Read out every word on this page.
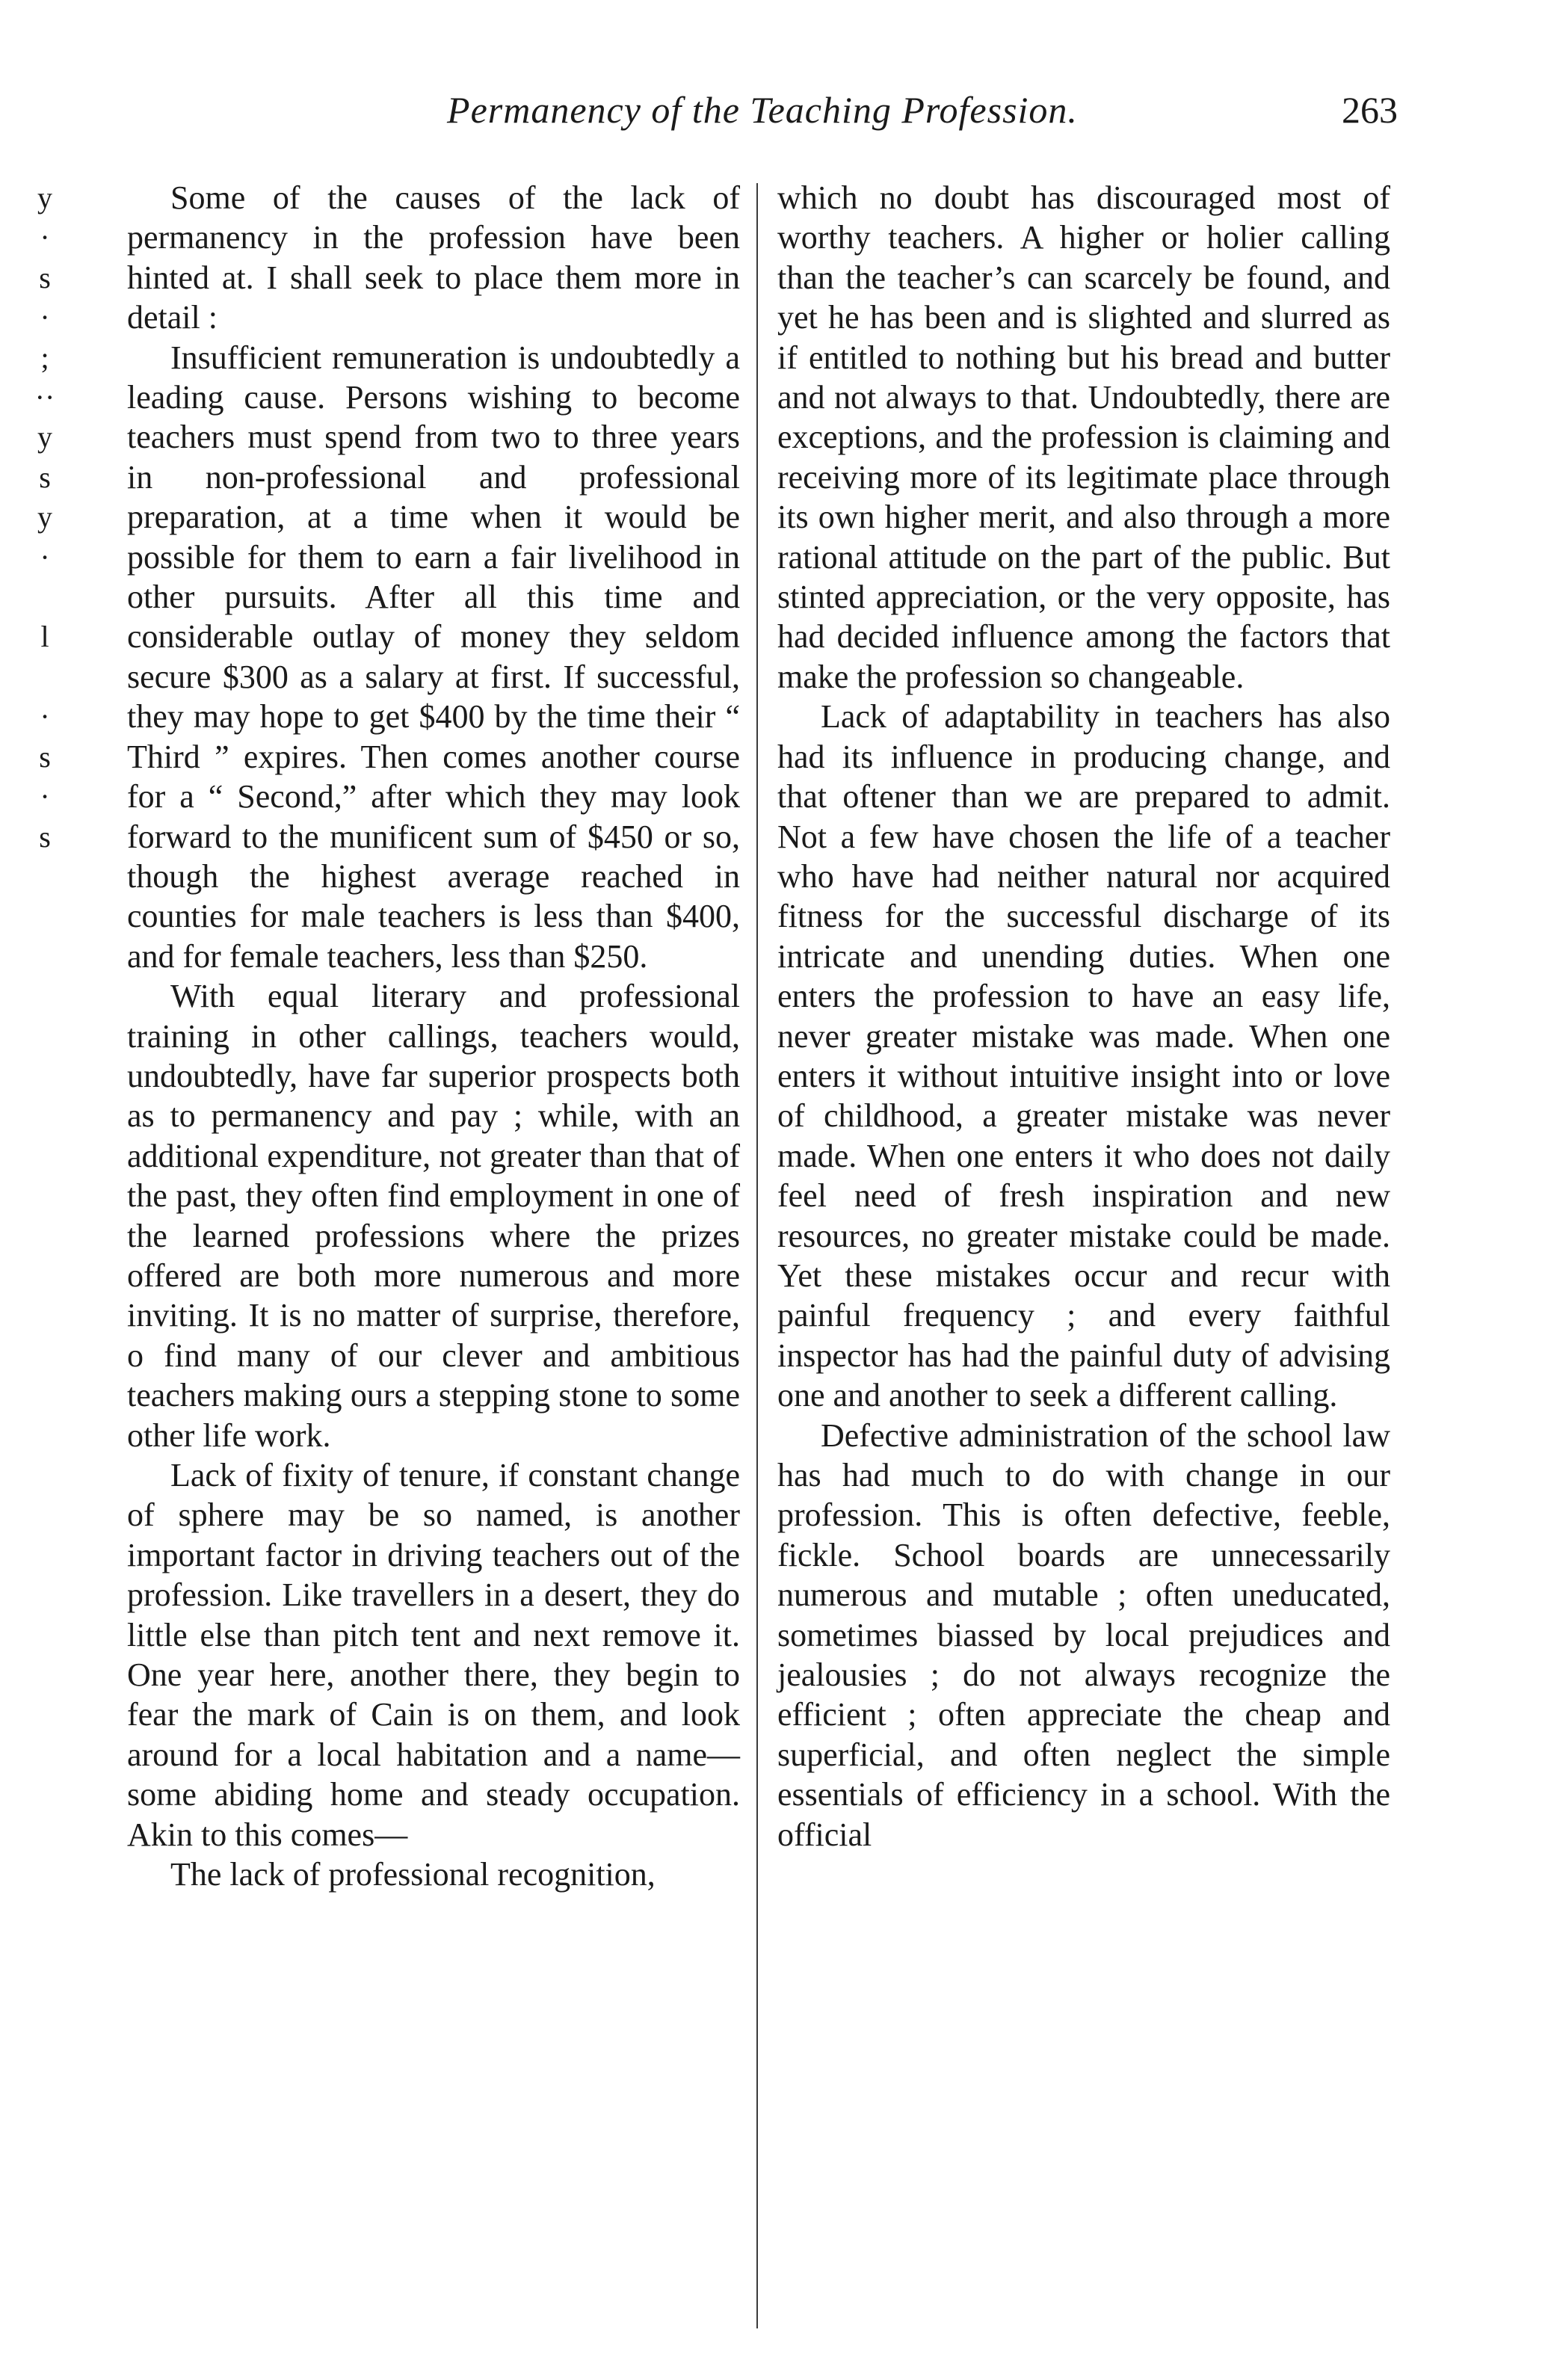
Permanency of the Teaching Profession.	263
y
·
s
·
;
··
y
s
y
·

l

·
s
·
s

Some of the causes of the lack of permanency in the profession have been hinted at. I shall seek to place them more in detail :

Insufficient remuneration is undoubtedly a leading cause. Persons wishing to become teachers must spend from two to three years in non-professional and professional preparation, at a time when it would be possible for them to earn a fair livelihood in other pursuits. After all this time and considerable outlay of money they seldom secure $300 as a salary at first. If successful, they may hope to get $400 by the time their “ Third ” expires. Then comes another course for a “ Second,” after which they may look forward to the munificent sum of $450 or so, though the highest average reached in counties for male teachers is less than $400, and for female teachers, less than $250.

With equal literary and professional training in other callings, teachers would, undoubtedly, have far superior prospects both as to permanency and pay ; while, with an additional expenditure, not greater than that of the past, they often find employment in one of the learned professions where the prizes offered are both more numerous and more inviting. It is no matter of surprise, therefore, o find many of our clever and ambitious teachers making ours a stepping stone to some other life work.

Lack of fixity of tenure, if constant change of sphere may be so named, is another important factor in driving teachers out of the profession. Like travellers in a desert, they do little else than pitch tent and next remove it. One year here, another there, they begin to fear the mark of Cain is on them, and look around for a local habitation and a name—some abiding home and steady occupation. Akin to this comes—

The lack of professional recognition,

which no doubt has discouraged most of worthy teachers. A higher or holier calling than the teacher’s can scarcely be found, and yet he has been and is slighted and slurred as if entitled to nothing but his bread and butter and not always to that. Undoubtedly, there are exceptions, and the profession is claiming and receiving more of its legitimate place through its own higher merit, and also through a more rational attitude on the part of the public. But stinted appreciation, or the very opposite, has had decided influence among the factors that make the profession so changeable.

Lack of adaptability in teachers has also had its influence in producing change, and that oftener than we are prepared to admit. Not a few have chosen the life of a teacher who have had neither natural nor acquired fitness for the successful discharge of its intricate and unending duties. When one enters the profession to have an easy life, never greater mistake was made. When one enters it without intuitive insight into or love of childhood, a greater mistake was never made. When one enters it who does not daily feel need of fresh inspiration and new resources, no greater mistake could be made. Yet these mistakes occur and recur with painful frequency ; and every faithful inspector has had the painful duty of advising one and another to seek a different calling.

Defective administration of the school law has had much to do with change in our profession. This is often defective, feeble, fickle. School boards are unnecessarily numerous and mutable ; often uneducated, sometimes biassed by local prejudices and jealousies ; do not always recognize the efficient ; often appreciate the cheap and superficial, and often neglect the simple essentials of efficiency in a school. With the official
